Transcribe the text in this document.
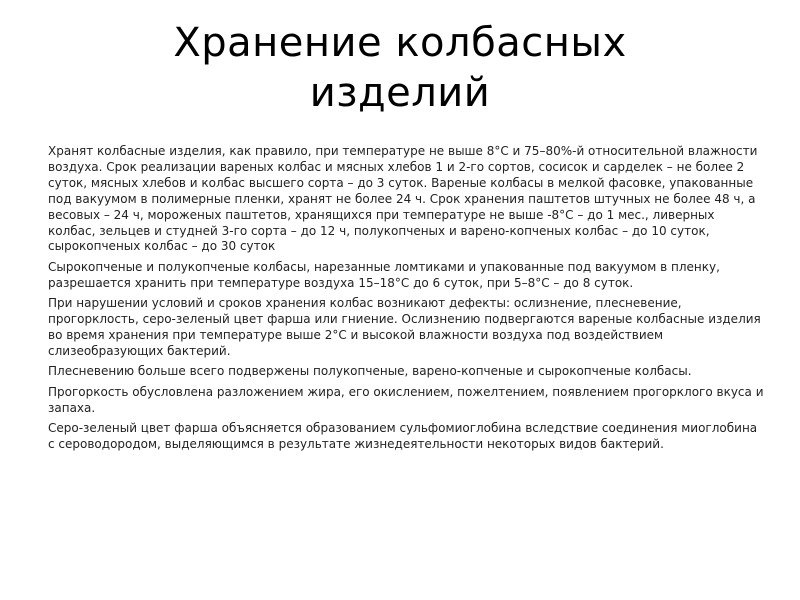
Хранение колбасных
изделий

Хранят колбасные изделия, как правило, при температуре не выше 8°С и 75–80%-й относительной влажности воздуха. Срок реализации вареных колбас и мясных хлебов 1 и 2-го сортов, сосисок и сарделек – не более 2 суток, мясных хлебов и колбас высшего сорта – до 3 суток. Вареные колбасы в мелкой фасовке, упакованные под вакуумом в полимерные пленки, хранят не более 24 ч. Срок хранения паштетов штучных не более 48 ч, а весовых – 24 ч, мороженых паштетов, хранящихся при температуре не выше -8°С – до 1 мес., ливерных колбас, зельцев и студней 3-го сорта – до 12 ч, полукопченых и варено-копченых колбас – до 10 суток, сырокопченых колбас – до 30 суток

Сырокопченые и полукопченые колбасы, нарезанные ломтиками и упакованные под вакуумом в пленку, разрешается хранить при температуре воздуха 15–18°С до 6 суток, при 5–8°С – до 8 суток.

При нарушении условий и сроков хранения колбас возникают дефекты: ослизнение, плесневение, прогорклость, серо-зеленый цвет фарша или гниение. Ослизнению подвергаются вареные колбасные изделия во время хранения при температуре выше 2°С и высокой влажности воздуха под воздействием слизеобразующих бактерий.

Плесневению больше всего подвержены полукопченые, варено-копченые и сырокопченые колбасы.

Прогоркость обусловлена разложением жира, его окислением, пожелтением, появлением прогорклого вкуса и запаха.

Серо-зеленый цвет фарша объясняется образованием сульфомиоглобина вследствие соединения миоглобина с сероводородом, выделяющимся в результате жизнедеятельности некоторых видов бактерий.
